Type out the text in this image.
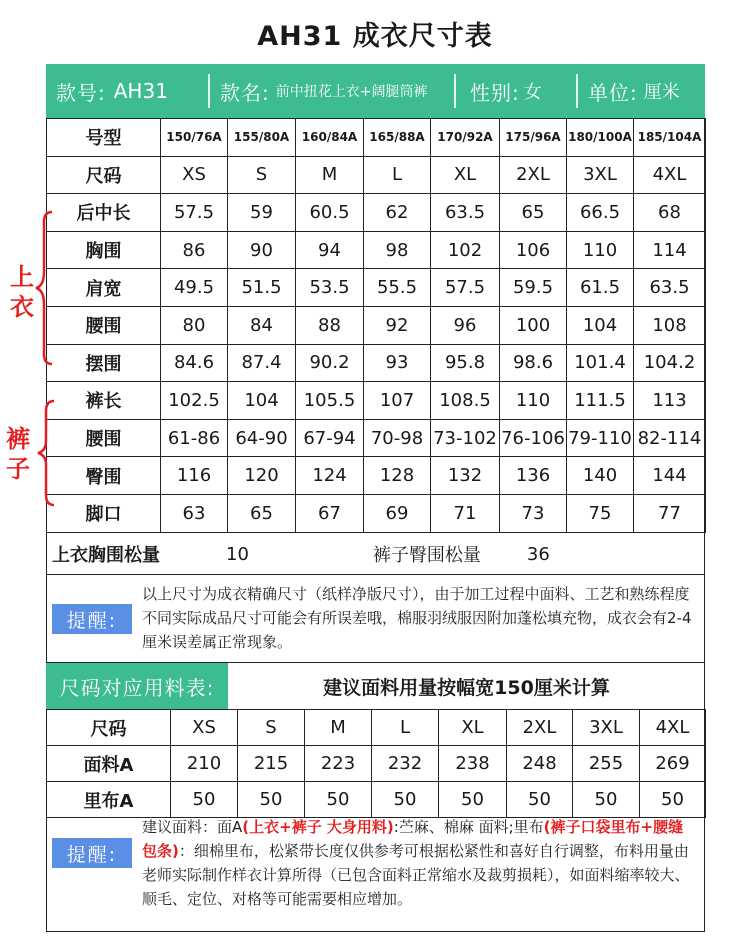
AH31 成衣尺寸表
款号: AH31	款名: 前中扭花上衣+阔腿筒裤 性别: 女 单位: 厘米
号型	150/76A	155/80A	160/84A	165/88A	170/92A	175/96A	180/100A	185/104A
尺码	XS	S	M	L	XL	2XL	3XL	4XL
后中长	57.5	59	60.5	62	63.5	65	66.5	68
胸围	86	90	94	98	102	106	110	114
肩宽	49.5	51.5	53.5	55.5	57.5	59.5	61.5	63.5
腰围	80	84	88	92	96	100	104	108
摆围	84.6	87.4	90.2	93	95.8	98.6	101.4	104.2
裤长	102.5	104	105.5	107	108.5	110	111.5	113
腰围	61-86	64-90	67-94	70-98	73-102	76-106	79-110	82-114
臀围	116	120	124	128	132	136	140	144
脚口	63	65	67	69	71	73	75	77
上
衣
裤
子
上衣胸围松量	10	裤子臀围松量	36
提醒:
以上尺寸为成衣精确尺寸（纸样净版尺寸），由于加工过程中面料、工艺和熟练程度不同实际成品尺寸可能会有所误差哦，棉服羽绒服因附加蓬松填充物，成衣会有2-4厘米误差属正常现象。
尺码对应用料表:	建议面料用量按幅宽150厘米计算
尺码	XS	S	M	L	XL	2XL	3XL	4XL
面料A	210	215	223	232	238	248	255	269
里布A	50	50	50	50	50	50	50	50
提醒:
建议面料：面A(上衣+裤子 大身用料):苎麻、棉麻 面料;里布(裤子口袋里布+腰缝包条)：细棉里布，松紧带长度仅供参考可根据松紧性和喜好自行调整，布料用量由老师实际制作样衣计算所得（已包含面料正常缩水及裁剪损耗），如面料缩率较大、顺毛、定位、对格等可能需要相应增加。
